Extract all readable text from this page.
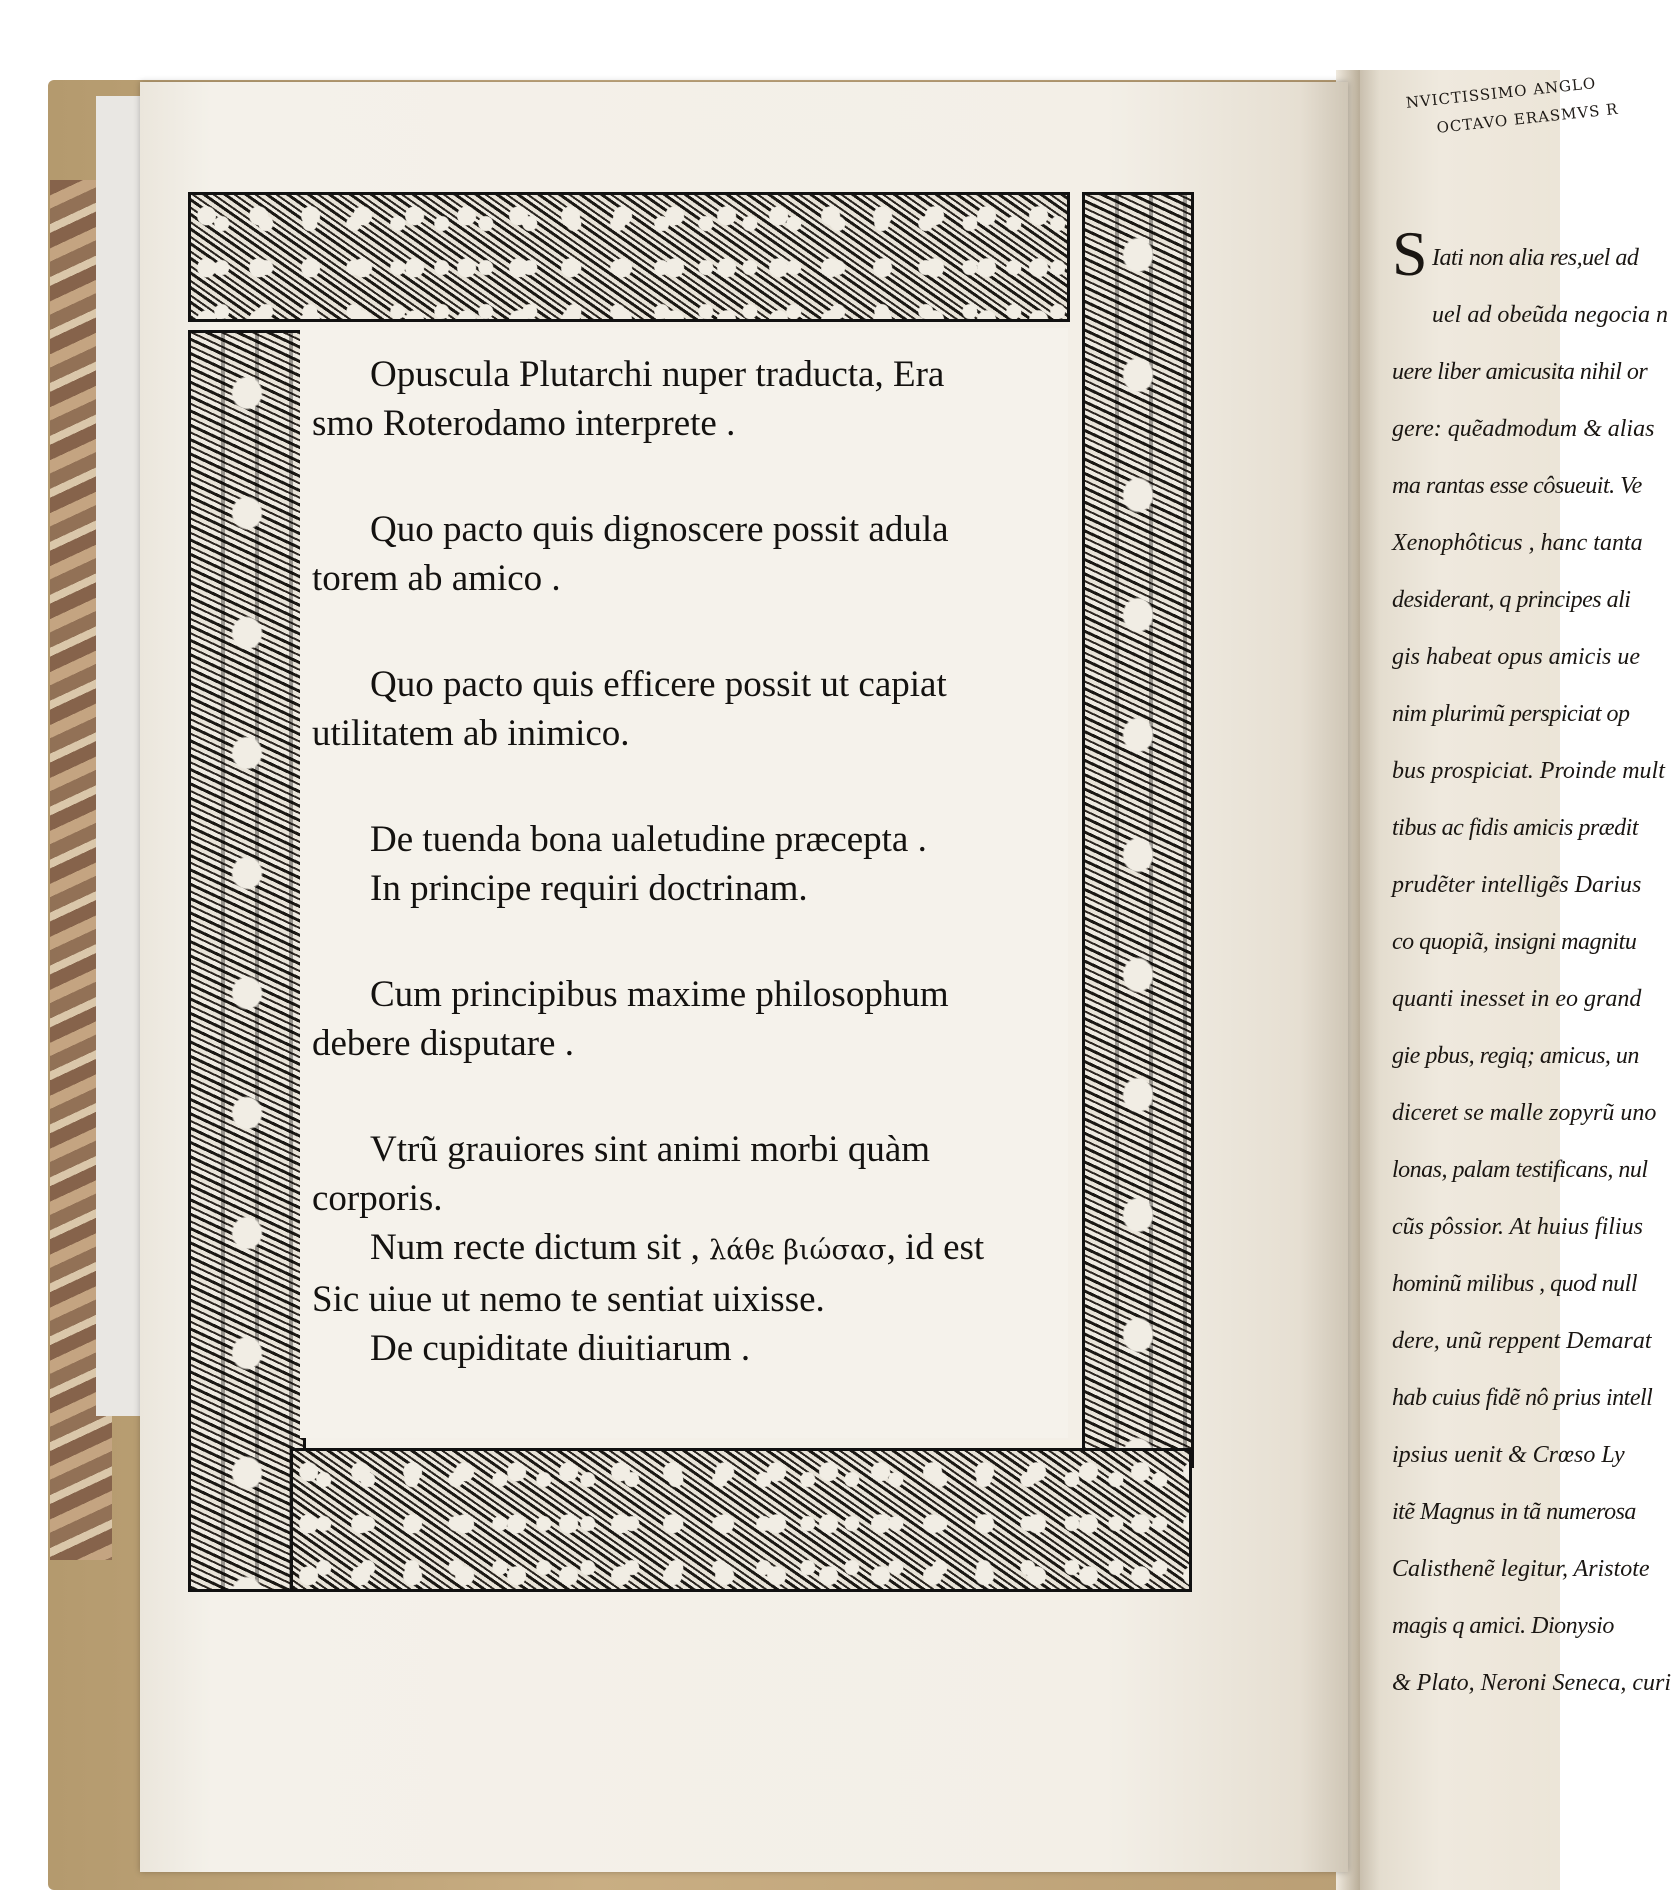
NVICTISSIMO ANGLO
OCTAVO ERASMVS R
S Iati non alia res,uel ad
uel ad obeũda negocia n
uere liber amicusita nihil or
gere: quẽadmodum & alias
ma rantas esse côsueuit. Ve
Xenophôticus , hanc tanta
desiderant, q principes ali
gis habeat opus amicis ue
nim plurimũ perspiciat op
bus prospiciat. Proinde mult
tibus ac fidis amicis prædit
prudẽter intelligẽs Darius
co quopiã, insigni magnitu
quanti inesset in eo grand
gie pbus, regiq; amicus, un
diceret se malle zopyrũ uno
lonas, palam testificans, nul
cũs pôssior. At huius filius
hominũ milibus , quod null
dere, unũ reppent Demarat
hab cuius fidẽ nô prius intell
ipsius uenit & Crœso Ly
itẽ Magnus in tã numerosa
Calisthenẽ legitur, Aristote
magis q amici. Dionysio
& Plato, Neroni Seneca, curi

Opuscula Plutarchi nuper traducta, Era
smo Roterodamo interprete .

Quo pacto quis dignoscere possit adula
torem ab amico .

Quo pacto quis efficere possit ut capiat
utilitatem ab inimico.

De tuenda bona ualetudine præcepta .
In principe requiri doctrinam.

Cum principibus maxime philosophum
debere disputare .

Vtrũ grauiores sint animi morbi quàm
corporis.

Num recte dictum sit , λάθε βιώσασ, id est
Sic uiue ut nemo te sentiat uixisse.

De cupiditate diuitiarum .
